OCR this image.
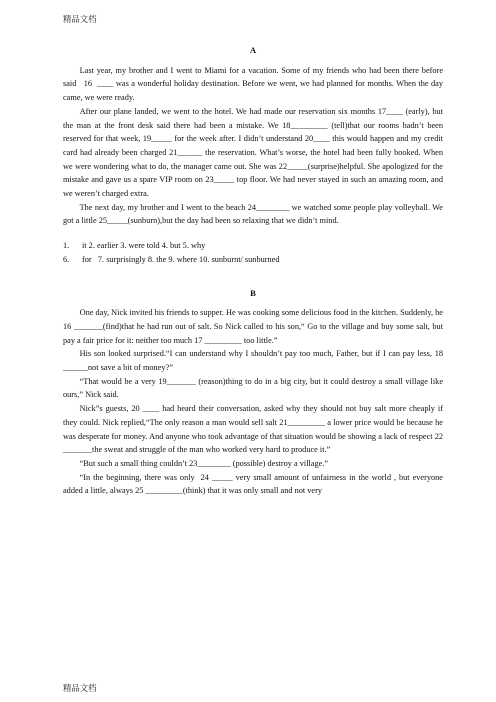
精品文档
A

Last year, my brother and I went to Miami for a vacation. Some of my friends who had been there before said   16  ____ was a wonderful holiday destination. Before we went, we had planned for months. When the day came, we were ready.

After our plane landed, we went to the hotel. We had made our reservation six months 17____ (early), but the man at the front desk said there had been a mistake. We 18_________ (tell)that our rooms hadn’t been reserved for that week, 19_____ for the week after. I didn’t understand 20____ this would happen and my credit card had already been charged 21______ the reservation. What’s worse, the hotel had been fully booked. When we were wondering what to do, the manager came out. She was 22_____(surprise)helpful. She apologized for the mistake and gave us a spare VIP room on 23_____ top floor. We had never stayed in such an amazing room, and we weren’t charged extra.

The next day, my brother and I went to the beach 24________ we watched some people play volleyball. We got a little 25_____(sunburn),but the day had been so relaxing that we didn’t mind.

1. it 2. earlier 3. were told 4. but 5. why
6. for   7. surprisingly 8. the 9. where 10. sunburnt/ sunburned
B

One day, Nick invited his friends to supper. He was cooking some delicious food in the kitchen. Suddenly, he 16 _______(find)that he had run out of salt. So Nick called to his son,“ Go to the village and buy some salt, but pay a fair price for it: neither too much 17 _________ too little.”

His son looked surprised.“I can understand why I shouldn’t pay too much, Father, but if I can pay less, 18 ______not save a bit of money?”

“That would be a very 19_______ (reason)thing to do in a big city, but it could destroy a small village like ours,” Nick said.

Nick”s guests, 20 ____ had heard their conversation, asked why they should not buy salt more cheaply if they could. Nick replied,“The only reason a man would sell salt 21_________ a lower price would be because he was desperate for money. And anyone who took advantage of that situation would be showing a lack of respect 22 _______the sweat and struggle of the man who worked very hard to produce it.”

“But such a small thing couldn’t 23________ (possible) destroy a village.”

“In the beginning, there was only  24 _____ very small amount of unfairness in the world , but everyone added a little, always 25 _________(think) that it was only small and not very

精品文档
